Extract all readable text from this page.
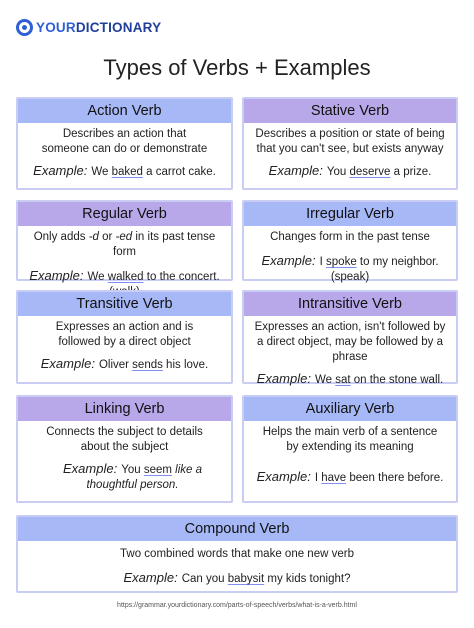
YOURDICTIONARY
Types of Verbs + Examples
Action Verb
Describes an action that someone can do or demonstrate
Example: We baked a carrot cake.
Stative Verb
Describes a position or state of being that you can't see, but exists anyway
Example: You deserve a prize.
Regular Verb
Only adds -d or -ed in its past tense form
Example: We walked to the concert.
Irregular Verb
Changes form in the past tense
Example: I spoke to my neighbor. (speak)
Transitive Verb
Expresses an action and is followed by a direct object
Example: Oliver sends his love.
Intransitive Verb
Expresses an action, isn't followed by a direct object, may be followed by a phrase
Example: We sat on the stone wall.
Linking Verb
Connects the subject to details about the subject
Example: You seem like a thoughtful person.
Auxiliary Verb
Helps the main verb of a sentence by extending its meaning
Example: I have been there before.
Compound Verb
Two combined words that make one new verb
Example: Can you babysit my kids tonight?
https://grammar.yourdictionary.com/parts-of-speech/verbs/what-is-a-verb.html
